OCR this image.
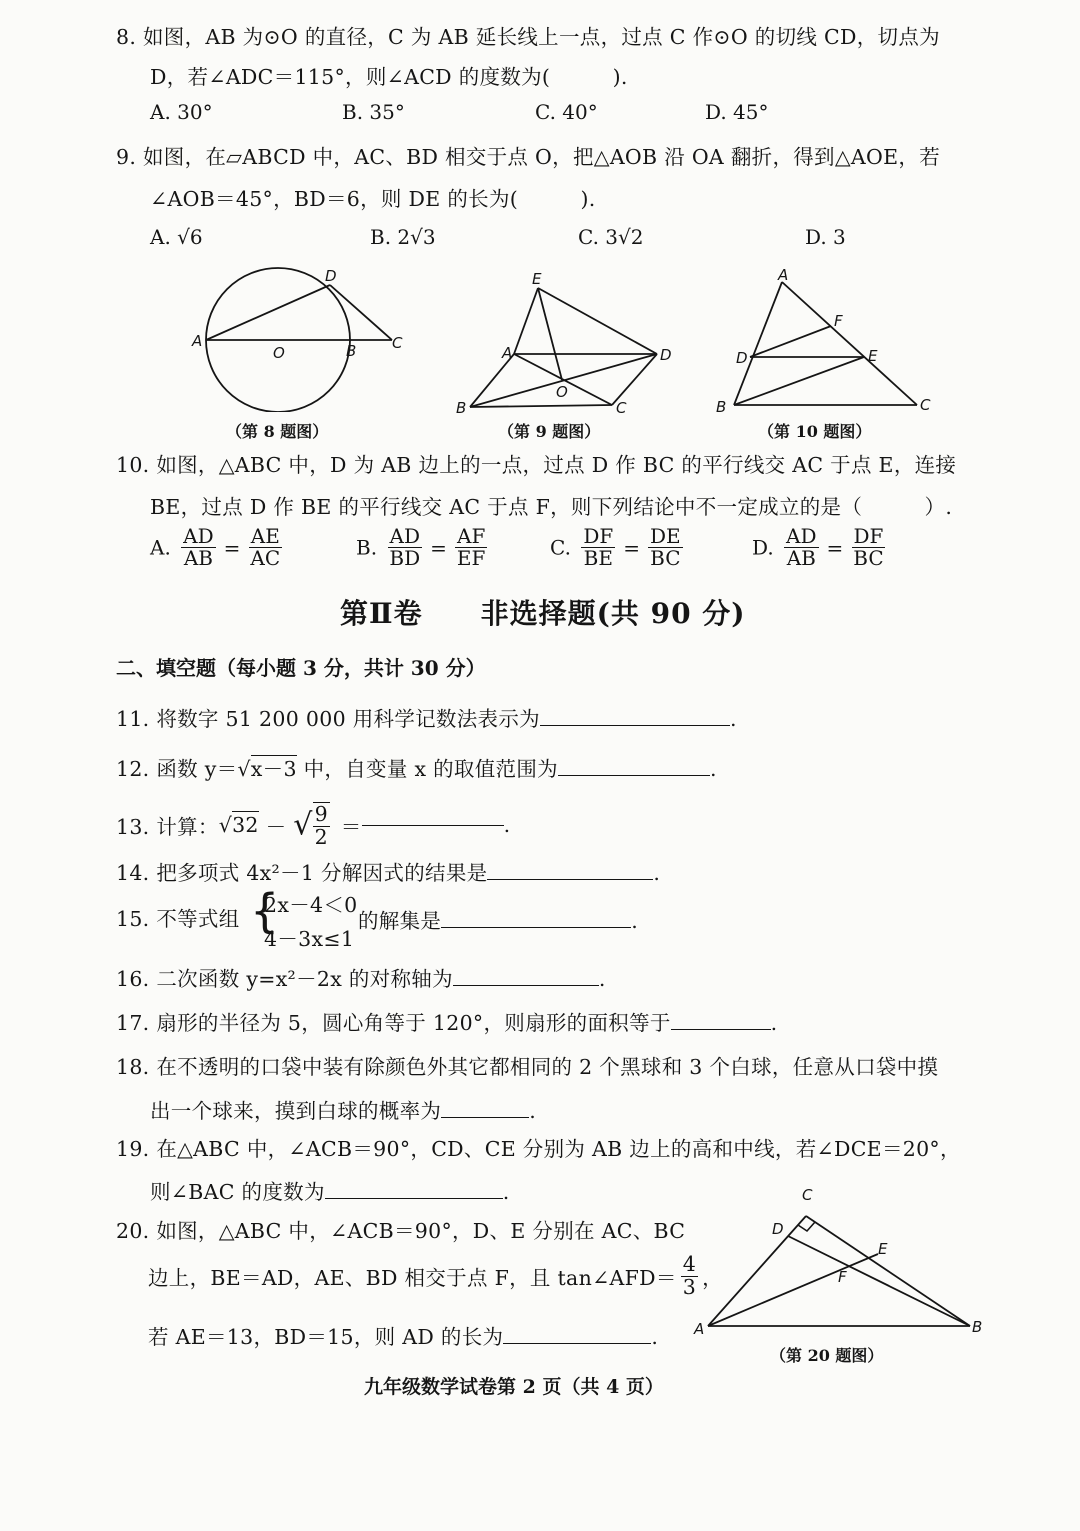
8. 如图，AB 为⊙O 的直径，C 为 AB 延长线上一点，过点 C 作⊙O 的切线 CD，切点为
D，若∠ADC＝115°，则∠ACD 的度数为(　　　).
A. 30°	B. 35°	C. 40°	D. 45°
9. 如图，在▱ABCD 中，AC、BD 相交于点 O，把△AOB 沿 OA 翻折，得到△AOE，若
∠AOB＝45°，BD＝6，则 DE 的长为(　　　).
A. √6	B. 2√3	C. 3√2	D. 3
A
O	B C
D
（第 8 题图）
E
A
O
D
B	C
（第 9 题图）
A
F
D	E
B	C
（第 10 题图）
10. 如图，△ABC 中，D 为 AB 边上的一点，过点 D 作 BC 的平行线交 AC 于点 E，连接
BE，过点 D 作 BE 的平行线交 AC 于点 F，则下列结论中不一定成立的是（　　　）.
A. $\frac{AD}{AB} = \frac{AE}{AC}$	B. $\frac{AD}{BD} = \frac{AF}{EF}$	C. $\frac{DF}{BE} = \frac{DE}{BC}$	D. $\frac{AD}{AB} = \frac{DF}{BC}$
第Ⅱ卷　　非选择题(共 90 分)
二、填空题（每小题 3 分，共计 30 分）
11. 将数字 51 200 000 用科学记数法表示为	.
12. 函数 y＝√x－3 中，自变量 x 的取值范围为	.
13. 计算：√32 － √ $\frac{9}{2}$ ＝	.
14. 把多项式 4x²－1 分解因式的结果是	.
15. 不等式组 {
2x－4＜0
4－3x≤1
的解集是	.
16. 二次函数 y=x²－2x 的对称轴为	.
17. 扇形的半径为 5，圆心角等于 120°，则扇形的面积等于	.
18. 在不透明的口袋中装有除颜色外其它都相同的 2 个黑球和 3 个白球，任意从口袋中摸
出一个球来，摸到白球的概率为	.
19. 在△ABC 中，∠ACB＝90°，CD、CE 分别为 AB 边上的高和中线，若∠DCE＝20°，
则∠BAC 的度数为	.
20. 如图，△ABC 中，∠ACB＝90°，D、E 分别在 AC、BC
边上，BE＝AD，AE、BD 相交于点 F，且 tan∠AFD＝ $\frac{4}{3}$ ，
若 AE＝13，BD＝15，则 AD 的长为	.
C
D
E
F
A	B
（第 20 题图）
九年级数学试卷第 2 页（共 4 页）
